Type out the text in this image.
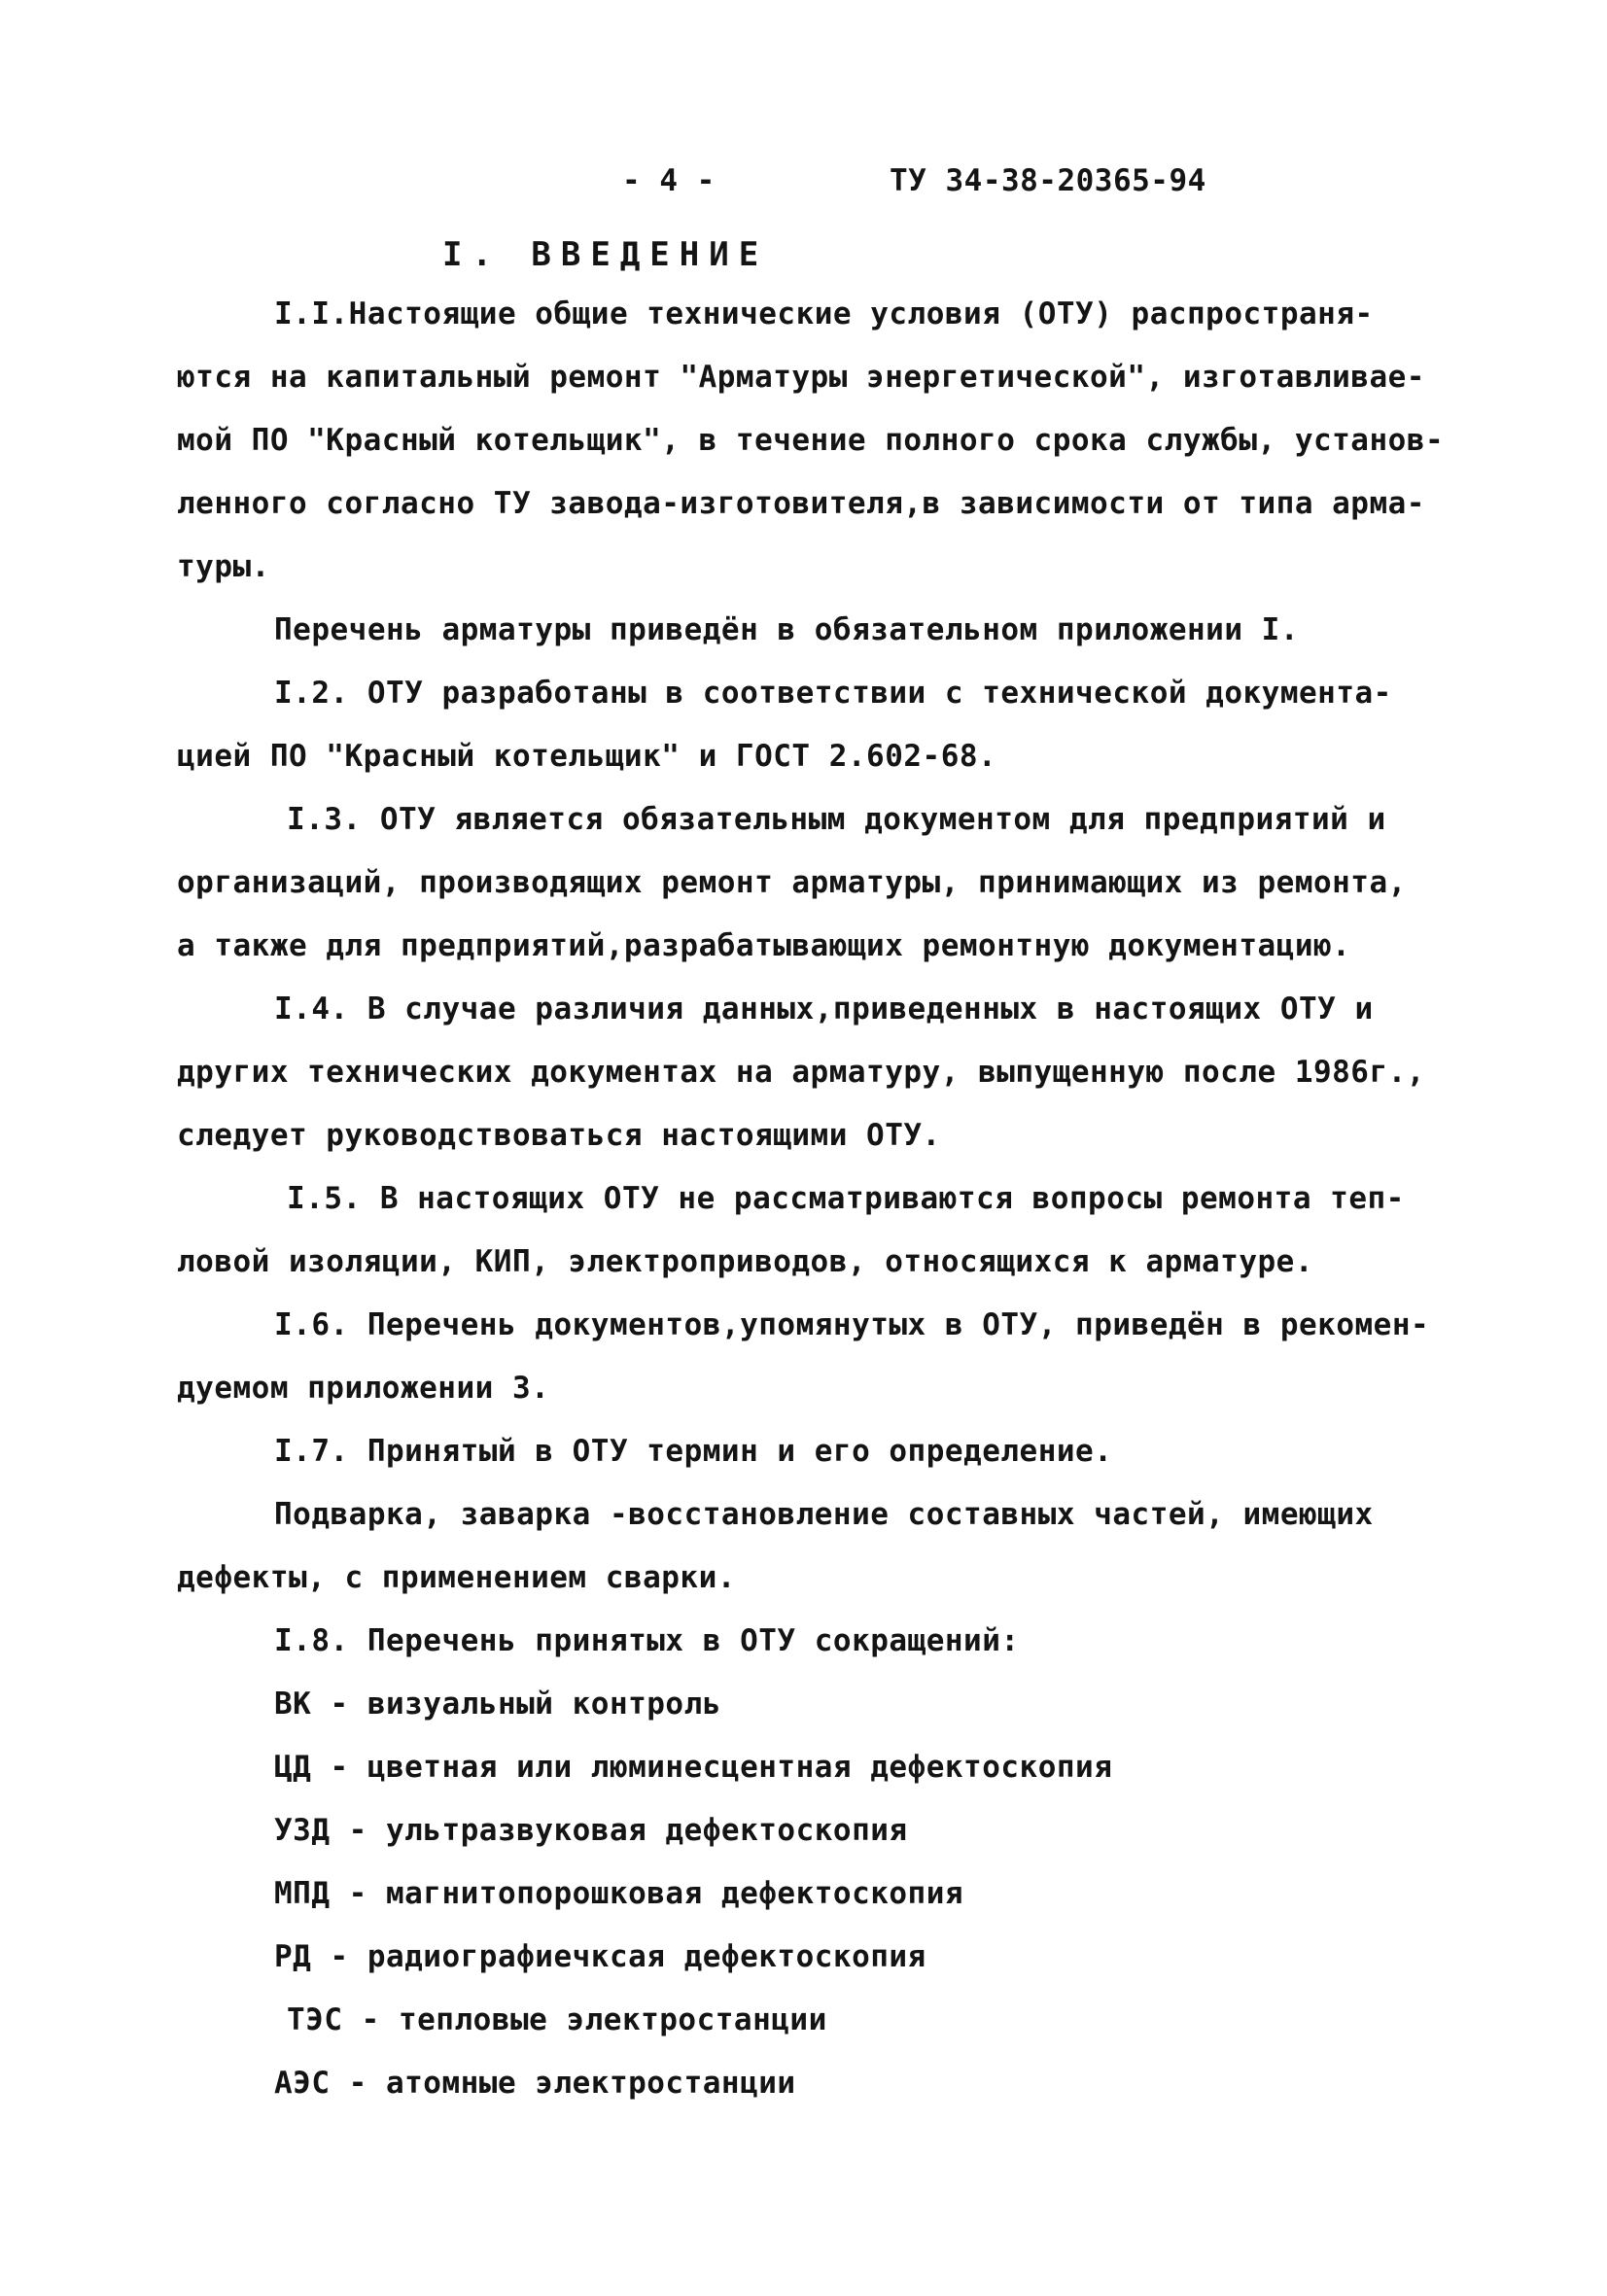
- 4 -	ТУ 34-38-20365-94
I. ВВЕДЕНИЕ
I.I.Настоящие общие технические условия (ОТУ) распространя-
ются на капитальный ремонт "Арматуры энергетической", изготавливае-
мой ПО "Красный котельщик", в течение полного срока службы, установ-
ленного согласно ТУ завода-изготовителя,в зависимости от типа арма-
туры.
Перечень арматуры приведён в обязательном приложении I.
I.2. ОТУ разработаны в соответствии с технической документа-
цией ПО "Красный котельщик" и ГОСТ 2.602-68.
I.3. ОТУ является обязательным документом для предприятий и
организаций, производящих ремонт арматуры, принимающих из ремонта,
а также для предприятий,разрабатывающих ремонтную документацию.
I.4. В случае различия данных,приведенных в настоящих ОТУ и
других технических документах на арматуру, выпущенную после 1986г.,
следует руководствоваться настоящими ОТУ.
I.5. В настоящих ОТУ не рассматриваются вопросы ремонта теп-
ловой изоляции, КИП, электроприводов, относящихся к арматуре.
I.6. Перечень документов,упомянутых в ОТУ, приведён в рекомен-
дуемом приложении 3.
I.7. Принятый в ОТУ термин и его определение.
Подварка, заварка -восстановление составных частей, имеющих
дефекты, с применением сварки.
I.8. Перечень принятых в ОТУ сокращений:
ВК - визуальный контроль
ЦД - цветная или люминесцентная дефектоскопия
УЗД - ультразвуковая дефектоскопия
МПД - магнитопорошковая дефектоскопия
РД - радиографиечксая дефектоскопия
ТЭС - тепловые электростанции
АЭС - атомные электростанции
